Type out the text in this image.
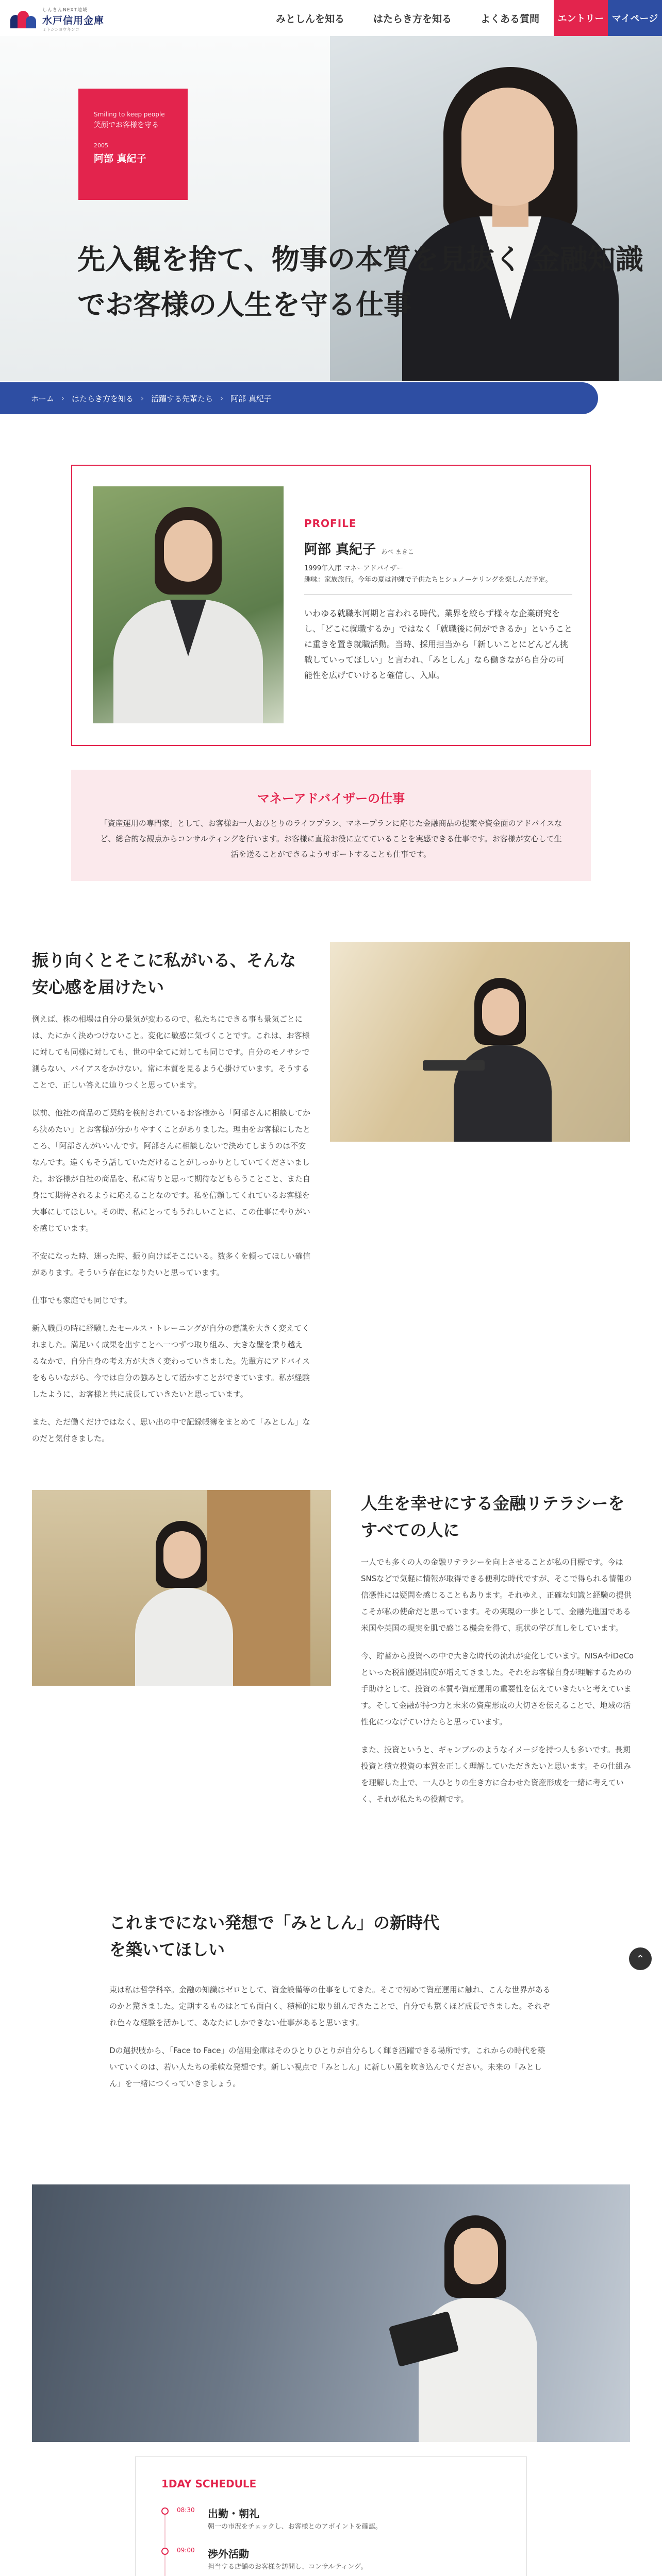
しんきんNEXT地域
水戸信用金庫
ミトシンヨウキンコ
みとしんを知る	はたらき方を知る	よくある質問	エントリー マイページ
Smiling to keep people
笑顔でお客様を守る
2005
阿部 真紀子
先入観を捨て、物事の本質を見抜く 金融知識
でお客様の人生を守る仕事
ホーム › はたらき方を知る › 活躍する先輩たち › 阿部 真紀子
PROFILE
阿部 真紀子 あべ まきこ
1999年入庫 マネーアドバイザー
趣味：家族旅行。今年の夏は沖縄で子供たちとシュノーケリングを楽しんだ予定。
いわゆる就職氷河期と言われる時代。業界を絞らず様々な企業研究をし、「どこに就職するか」ではなく「就職後に何ができるか」ということに重きを置き就職活動。当時、採用担当から「新しいことにどんどん挑戦していってほしい」と言われ、「みとしん」なら働きながら自分の可能性を広げていけると確信し、入庫。
マネーアドバイザーの仕事
「資産運用の専門家」として、お客様お一人おひとりのライフプラン、マネープランに応じた金融商品の提案や資金面のアドバイスなど、総合的な観点からコンサルティングを行います。お客様に直接お役に立てていることを実感できる仕事です。お客様が安心して生活を送ることができるようサポートすることも仕事です。
振り向くとそこに私がいる、そんな
安心感を届けたい

例えば、株の相場は自分の景気が変わるので、私たちにできる事も景気ごとには、たにかく決めつけないこと。変化に敏感に気づくことです。これは、お客様に対しても同様に対しても、世の中全てに対しても同じです。自分のモノサシで測らない、バイアスをかけない。常に本質を見るよう心掛けています。そうすることで、正しい答えに辿りつくと思っています。

以前、他社の商品のご契約を検討されているお客様から「阿部さんに相談してから決めたい」とお客様が分かりやすくことがありました。理由をお客様にしたところ、「阿部さんがいいんです。阿部さんに相談しないで決めてしまうのは不安なんです。違くもそう話していただけることがしっかりとしていてくださいました。お客様が自社の商品を、私に寄りと思って期待などもらうことこと、また自身にて期待されるように応えることなのです。私を信頼してくれているお客様を大事にしてほしい。その時、私にとってもうれしいことに、この仕事にやりがいを感じています。

不安になった時、迷った時、振り向けばそこにいる。数多くを頼ってほしい確信があります。そういう存在になりたいと思っています。

仕事でも家庭でも同じです。

新入職員の時に経験したセールス・トレーニングが自分の意識を大きく変えてくれました。満足いく成果を出すことへ一つずつ取り組み、大きな壁を乗り越えるなかで、自分自身の考え方が大きく変わっていきました。先輩方にアドバイスをもらいながら、今では自分の強みとして活かすことができています。私が経験したように、お客様と共に成長していきたいと思っています。

また、ただ働くだけではなく、思い出の中で記録帳簿をまとめて「みとしん」なのだと気付きました。

人生を幸せにする金融リテラシーを
すべての人に

一人でも多くの人の金融リテラシーを向上させることが私の目標です。今はSNSなどで気軽に情報が取得できる便利な時代ですが、そこで得られる情報の信憑性には疑問を感じることもあります。それゆえ、正確な知識と経験の提供こそが私の使命だと思っています。その実現の一歩として、金融先進国である米国や英国の現実を肌で感じる機会を得て、現状の学び直しをしています。

今、貯蓄から投資への中で大きな時代の流れが変化しています。NISAやiDeCoといった税制優遇制度が増えてきました。それをお客様自身が理解するための手助けとして、投資の本質や資産運用の重要性を伝えていきたいと考えています。そして金融が持つ力と未来の資産形成の大切さを伝えることで、地域の活性化につなげていけたらと思っています。

また、投資というと、ギャンブルのようなイメージを持つ人も多いです。長期投資と積立投資の本質を正しく理解していただきたいと思います。その仕組みを理解した上で、一人ひとりの生き方に合わせた資産形成を一緒に考えていく、それが私たちの役割です。

これまでにない発想で「みとしん」の新時代
を築いてほしい

東は私は哲学科卒。金融の知識はゼロとして、資金設備等の仕事をしてきた。そこで初めて資産運用に触れ、こんな世界があるのかと驚きました。定期するものはとても面白く、積極的に取り組んできたことで、自分でも驚くほど成長できました。それぞれ色々な経験を活かして、あなたにしかできない仕事があると思います。

Dの選択肢から、「Face to Face」の信用金庫はそのひとりひとりが自分らしく輝き活躍できる場所です。これからの時代を築いていくのは、若い人たちの柔軟な発想です。新しい視点で「みとしん」に新しい風を吹き込んでください。未来の「みとしん」を一緒につくっていきましょう。

⌃
1DAY SCHEDULE
08:30 出勤・朝礼
朝一の市況をチェックし、お客様とのアポイントを確認。
09:00 渉外活動
担当する店舗のお客様を訪問し、コンサルティング。
